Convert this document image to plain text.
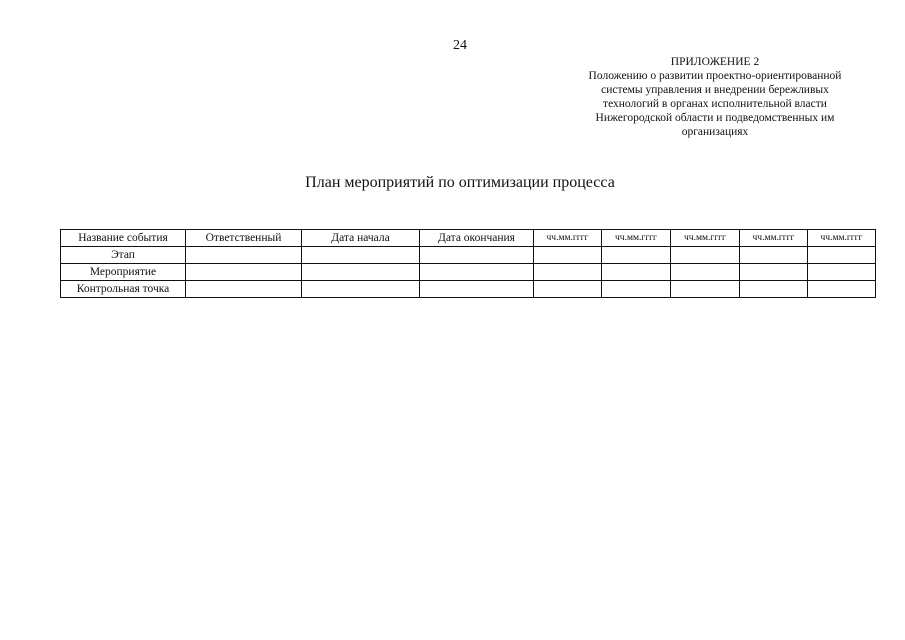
24
ПРИЛОЖЕНИЕ 2
Положению о развитии проектно-ориентированной
системы управления и внедрении бережливых
технологий в органах исполнительной власти
Нижегородской области и подведомственных им
организациях
План мероприятий по оптимизации процесса
Название события	Ответственный	Дата начала	Дата окончания	чч.мм.гггг	чч.мм.гггг	чч.мм.гггг	чч.мм.гггг	чч.мм.гггг
Этап								
Мероприятие								
Контрольная точка								
